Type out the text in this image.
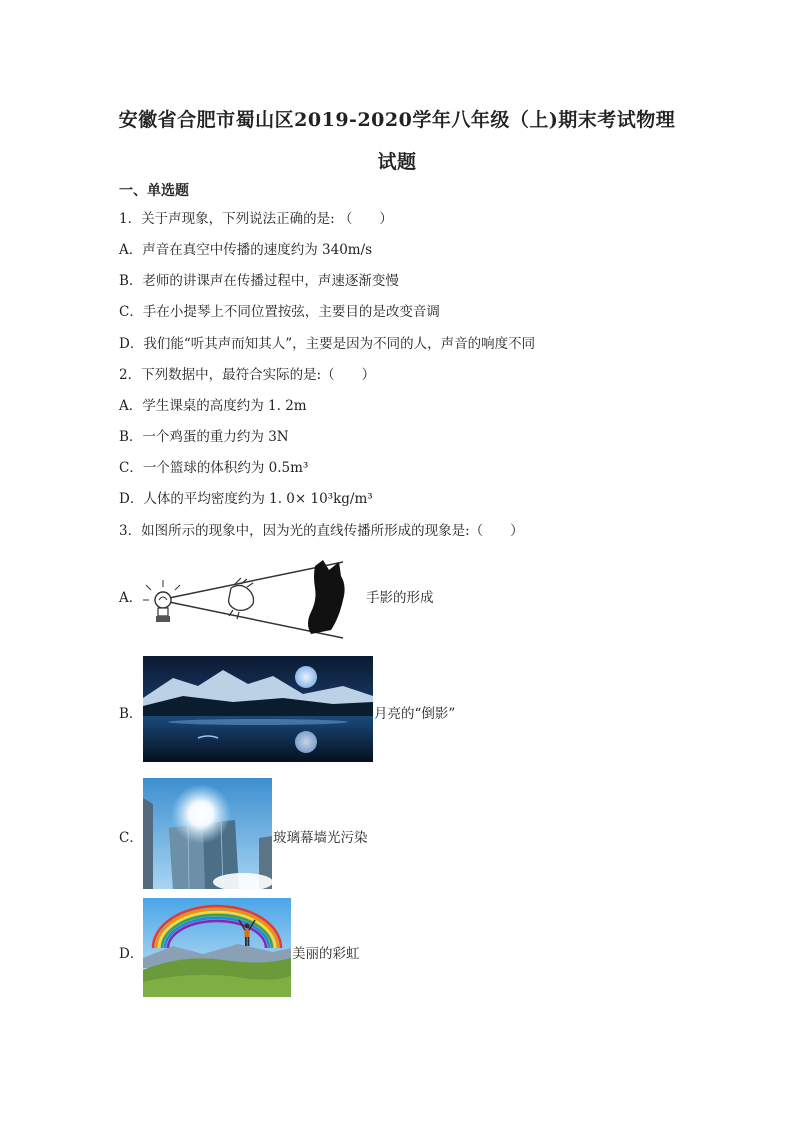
安徽省合肥市蜀山区2019-2020学年八年级（上)期末考试物理
试题
一、单选题
1．关于声现象，下列说法正确的是: （　　）
A．声音在真空中传播的速度约为 340m/s
B．老师的讲课声在传播过程中，声速逐渐变慢
C．手在小提琴上不同位置按弦，主要目的是改变音调
D．我们能“听其声而知其人”，主要是因为不同的人，声音的响度不同
2．下列数据中，最符合实际的是:（　　）
A．学生课桌的高度约为 1. 2m
B．一个鸡蛋的重力约为 3N
C．一个篮球的体积约为 0.5m³
D．人体的平均密度约为 1. 0× 10³kg/m³
3．如图所示的现象中，因为光的直线传播所形成的现象是:（　　）
A．	手影的形成
B．	月亮的“倒影”
C．	玻璃幕墙光污染
D．	美丽的彩虹
